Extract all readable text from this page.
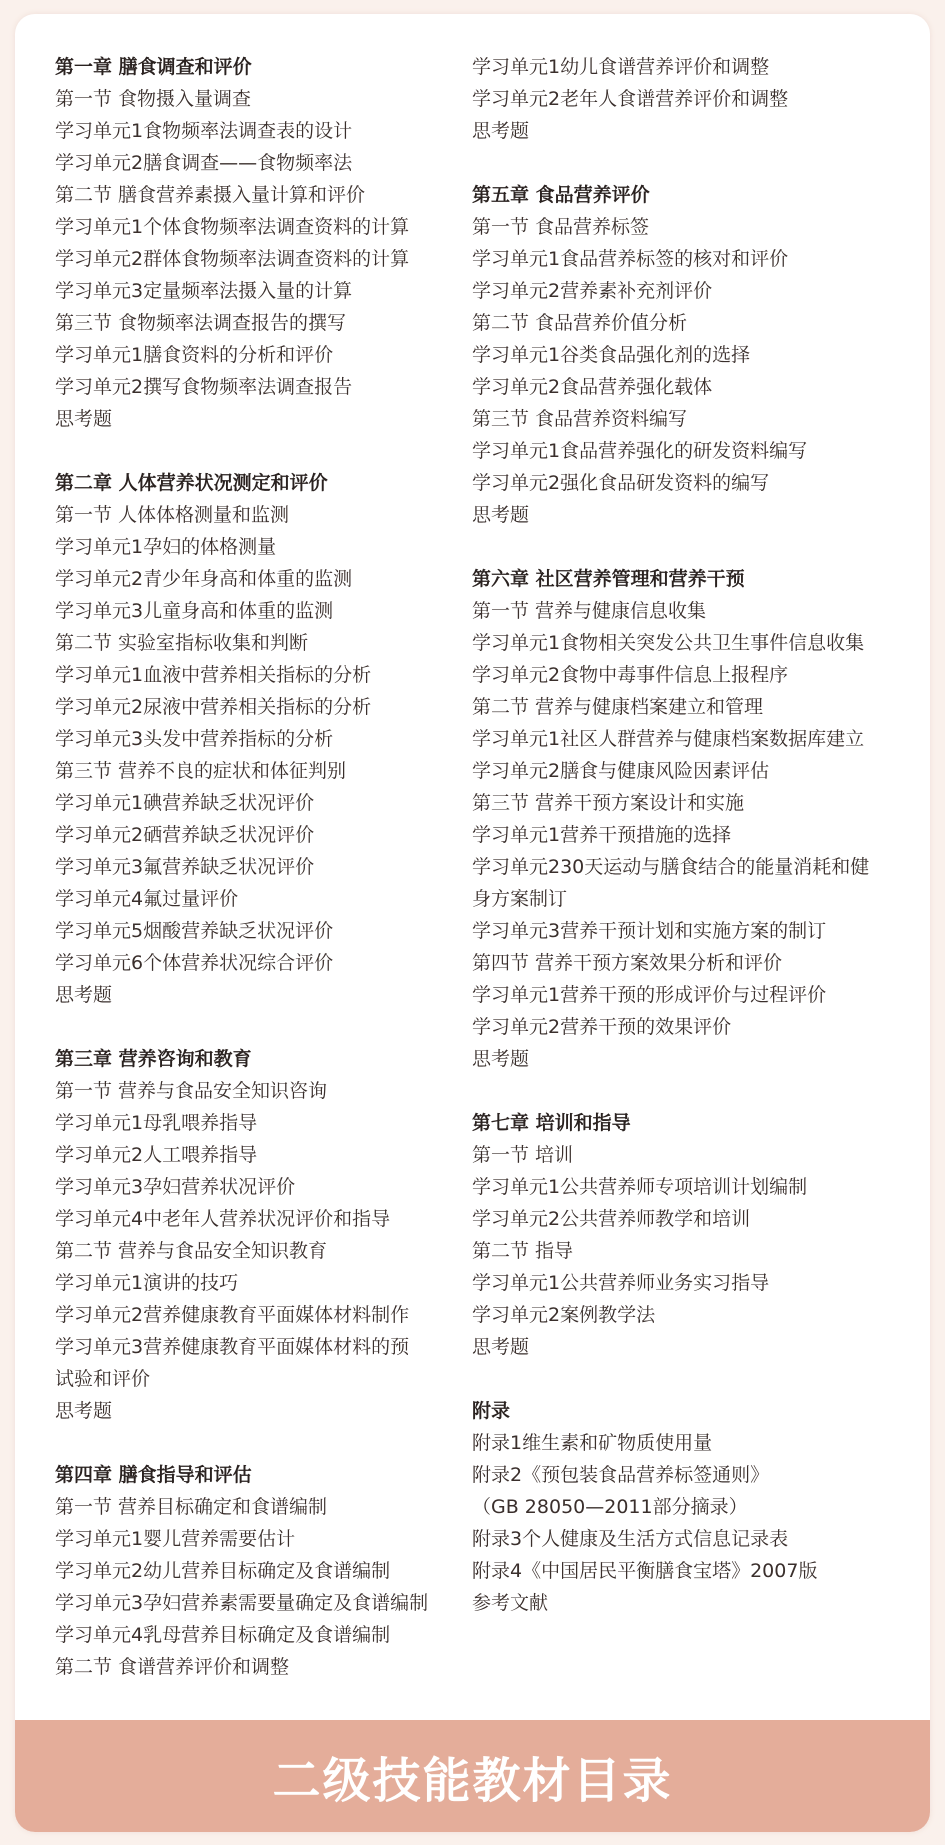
第一章 膳食调查和评价
第一节 食物摄入量调查
学习单元1食物频率法调查表的设计
学习单元2膳食调查——食物频率法
第二节 膳食营养素摄入量计算和评价
学习单元1个体食物频率法调查资料的计算
学习单元2群体食物频率法调查资料的计算
学习单元3定量频率法摄入量的计算
第三节 食物频率法调查报告的撰写
学习单元1膳食资料的分析和评价
学习单元2撰写食物频率法调查报告
思考题
第二章 人体营养状况测定和评价
第一节 人体体格测量和监测
学习单元1孕妇的体格测量
学习单元2青少年身高和体重的监测
学习单元3儿童身高和体重的监测
第二节 实验室指标收集和判断
学习单元1血液中营养相关指标的分析
学习单元2尿液中营养相关指标的分析
学习单元3头发中营养指标的分析
第三节 营养不良的症状和体征判别
学习单元1碘营养缺乏状况评价
学习单元2硒营养缺乏状况评价
学习单元3氟营养缺乏状况评价
学习单元4氟过量评价
学习单元5烟酸营养缺乏状况评价
学习单元6个体营养状况综合评价
思考题
第三章 营养咨询和教育
第一节 营养与食品安全知识咨询
学习单元1母乳喂养指导
学习单元2人工喂养指导
学习单元3孕妇营养状况评价
学习单元4中老年人营养状况评价和指导
第二节 营养与食品安全知识教育
学习单元1演讲的技巧
学习单元2营养健康教育平面媒体材料制作
学习单元3营养健康教育平面媒体材料的预
试验和评价
思考题
第四章 膳食指导和评估
第一节 营养目标确定和食谱编制
学习单元1婴儿营养需要估计
学习单元2幼儿营养目标确定及食谱编制
学习单元3孕妇营养素需要量确定及食谱编制
学习单元4乳母营养目标确定及食谱编制
第二节 食谱营养评价和调整
学习单元1幼儿食谱营养评价和调整
学习单元2老年人食谱营养评价和调整
思考题
第五章 食品营养评价
第一节 食品营养标签
学习单元1食品营养标签的核对和评价
学习单元2营养素补充剂评价
第二节 食品营养价值分析
学习单元1谷类食品强化剂的选择
学习单元2食品营养强化载体
第三节 食品营养资料编写
学习单元1食品营养强化的研发资料编写
学习单元2强化食品研发资料的编写
思考题
第六章 社区营养管理和营养干预
第一节 营养与健康信息收集
学习单元1食物相关突发公共卫生事件信息收集
学习单元2食物中毒事件信息上报程序
第二节 营养与健康档案建立和管理
学习单元1社区人群营养与健康档案数据库建立
学习单元2膳食与健康风险因素评估
第三节 营养干预方案设计和实施
学习单元1营养干预措施的选择
学习单元230天运动与膳食结合的能量消耗和健
身方案制订
学习单元3营养干预计划和实施方案的制订
第四节 营养干预方案效果分析和评价
学习单元1营养干预的形成评价与过程评价
学习单元2营养干预的效果评价
思考题
第七章 培训和指导
第一节 培训
学习单元1公共营养师专项培训计划编制
学习单元2公共营养师教学和培训
第二节 指导
学习单元1公共营养师业务实习指导
学习单元2案例教学法
思考题
附录
附录1维生素和矿物质使用量
附录2《预包装食品营养标签通则》
（GB 28050—2011部分摘录）
附录3个人健康及生活方式信息记录表
附录4《中国居民平衡膳食宝塔》2007版
参考文献
二级技能教材目录
